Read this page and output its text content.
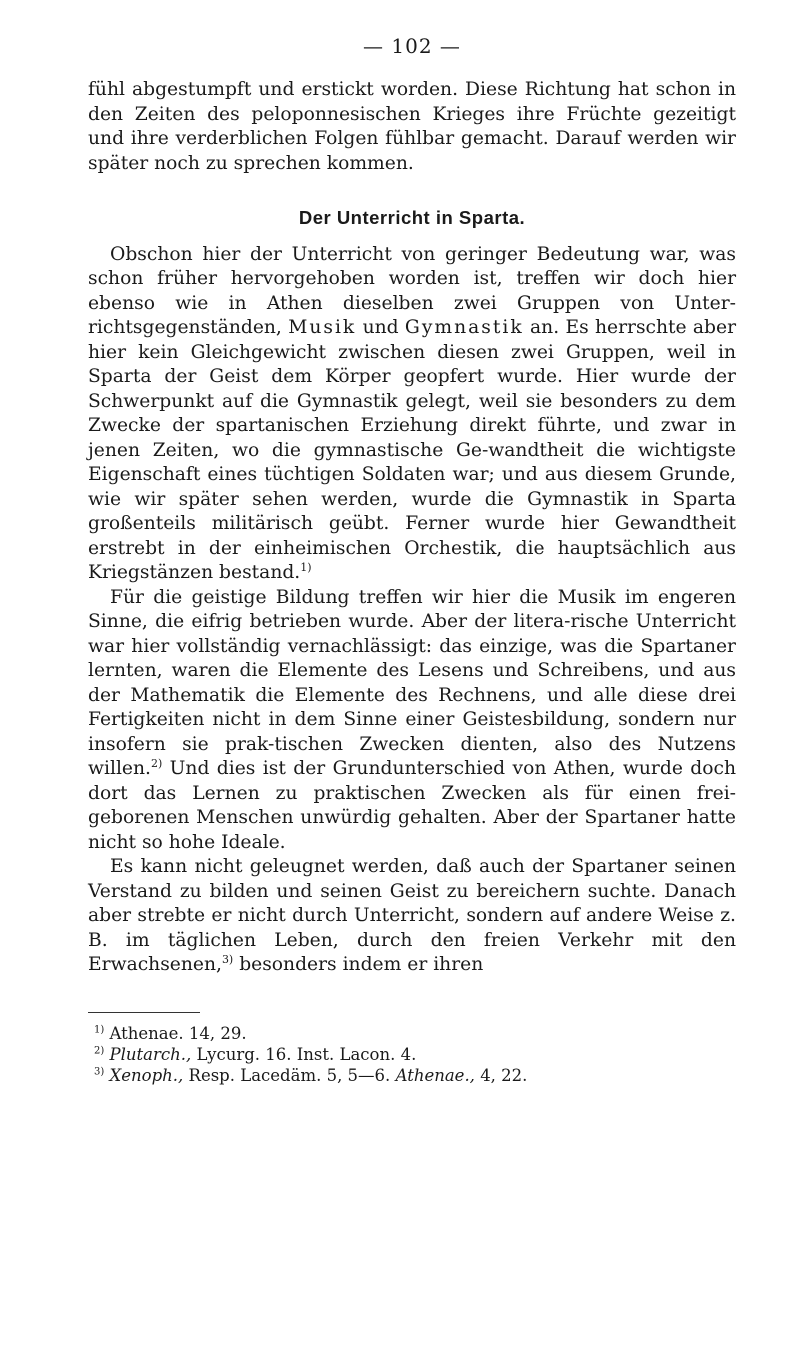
— 102 —

fühl abgestumpft und erstickt worden. Diese Richtung hat schon in den Zeiten des peloponnesischen Krieges ihre Früchte gezeitigt und ihre verderblichen Folgen fühlbar gemacht. Darauf werden wir später noch zu sprechen kommen.

Der Unterricht in Sparta.

Obschon hier der Unterricht von geringer Bedeutung war, was schon früher hervorgehoben worden ist, treffen wir doch hier ebenso wie in Athen dieselben zwei Gruppen von Unter-richtsgegenständen, Musik und Gymnastik an. Es herrschte aber hier kein Gleichgewicht zwischen diesen zwei Gruppen, weil in Sparta der Geist dem Körper geopfert wurde. Hier wurde der Schwerpunkt auf die Gymnastik gelegt, weil sie besonders zu dem Zwecke der spartanischen Erziehung direkt führte, und zwar in jenen Zeiten, wo die gymnastische Ge-wandtheit die wichtigste Eigenschaft eines tüchtigen Soldaten war; und aus diesem Grunde, wie wir später sehen werden, wurde die Gymnastik in Sparta großenteils militärisch geübt. Ferner wurde hier Gewandtheit erstrebt in der einheimischen Orchestik, die hauptsächlich aus Kriegstänzen bestand.$^{1)}$

Für die geistige Bildung treffen wir hier die Musik im engeren Sinne, die eifrig betrieben wurde. Aber der litera-rische Unterricht war hier vollständig vernachlässigt: das einzige, was die Spartaner lernten, waren die Elemente des Lesens und Schreibens, und aus der Mathematik die Elemente des Rechnens, und alle diese drei Fertigkeiten nicht in dem Sinne einer Geistesbildung, sondern nur insofern sie prak-tischen Zwecken dienten, also des Nutzens willen.$^{2)}$ Und dies ist der Grundunterschied von Athen, wurde doch dort das Lernen zu praktischen Zwecken als für einen frei-geborenen Menschen unwürdig gehalten. Aber der Spartaner hatte nicht so hohe Ideale.

Es kann nicht geleugnet werden, daß auch der Spartaner seinen Verstand zu bilden und seinen Geist zu bereichern suchte. Danach aber strebte er nicht durch Unterricht, sondern auf andere Weise z. B. im täglichen Leben, durch den freien Verkehr mit den Erwachsenen,$^{3)}$ besonders indem er ihren

$^{1)}$ Athenae. 14, 29.

$^{2)}$ Plutarch., Lycurg. 16. Inst. Lacon. 4.

$^{3)}$ Xenoph., Resp. Lacedäm. 5, 5—6. Athenae., 4, 22.
